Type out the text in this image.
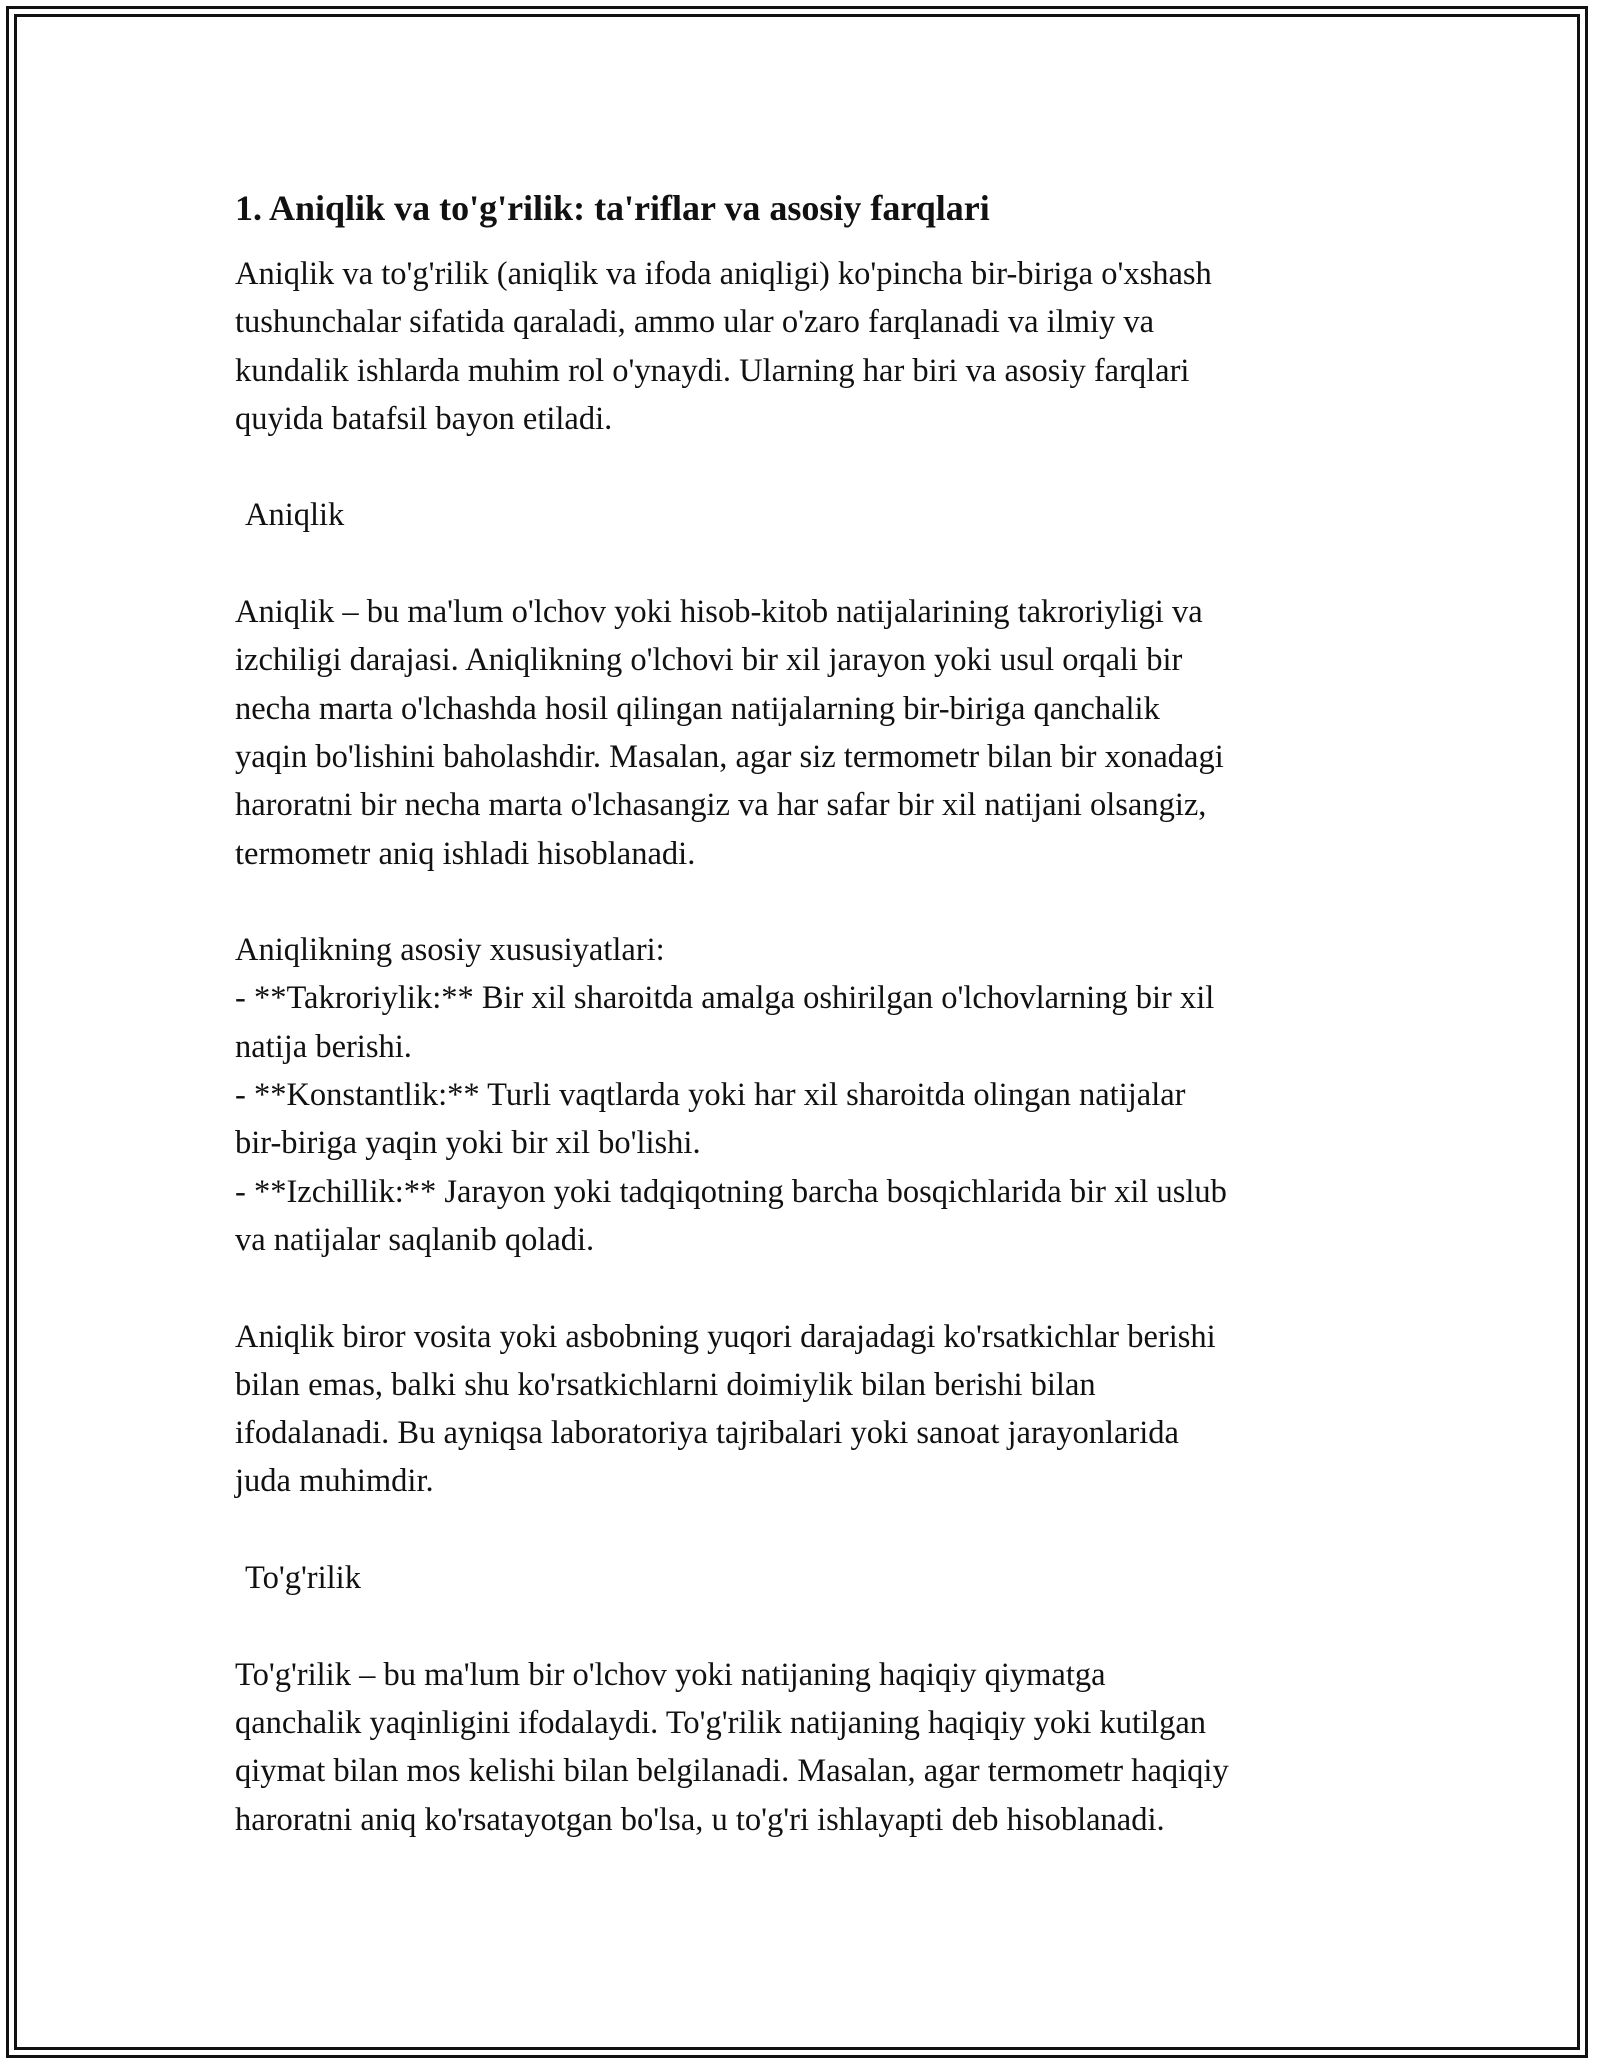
1. Aniqlik va to'g'rilik: ta'riflar va asosiy farqlari

Aniqlik va to'g'rilik (aniqlik va ifoda aniqligi) ko'pincha bir-biriga o'xshash
tushunchalar sifatida qaraladi, ammo ular o'zaro farqlanadi va ilmiy va
kundalik ishlarda muhim rol o'ynaydi. Ularning har biri va asosiy farqlari
quyida batafsil bayon etiladi.

Aniqlik

Aniqlik – bu ma'lum o'lchov yoki hisob-kitob natijalarining takroriyligi va
izchiligi darajasi. Aniqlikning o'lchovi bir xil jarayon yoki usul orqali bir
necha marta o'lchashda hosil qilingan natijalarning bir-biriga qanchalik
yaqin bo'lishini baholashdir. Masalan, agar siz termometr bilan bir xonadagi
haroratni bir necha marta o'lchasangiz va har safar bir xil natijani olsangiz,
termometr aniq ishladi hisoblanadi.

Aniqlikning asosiy xususiyatlari:
- **Takroriylik:** Bir xil sharoitda amalga oshirilgan o'lchovlarning bir xil
natija berishi.
- **Konstantlik:** Turli vaqtlarda yoki har xil sharoitda olingan natijalar
bir-biriga yaqin yoki bir xil bo'lishi.
- **Izchillik:** Jarayon yoki tadqiqotning barcha bosqichlarida bir xil uslub
va natijalar saqlanib qoladi.

Aniqlik biror vosita yoki asbobning yuqori darajadagi ko'rsatkichlar berishi
bilan emas, balki shu ko'rsatkichlarni doimiylik bilan berishi bilan
ifodalanadi. Bu ayniqsa laboratoriya tajribalari yoki sanoat jarayonlarida
juda muhimdir.

To'g'rilik

To'g'rilik – bu ma'lum bir o'lchov yoki natijaning haqiqiy qiymatga
qanchalik yaqinligini ifodalaydi. To'g'rilik natijaning haqiqiy yoki kutilgan
qiymat bilan mos kelishi bilan belgilanadi. Masalan, agar termometr haqiqiy
haroratni aniq ko'rsatayotgan bo'lsa, u to'g'ri ishlayapti deb hisoblanadi.
